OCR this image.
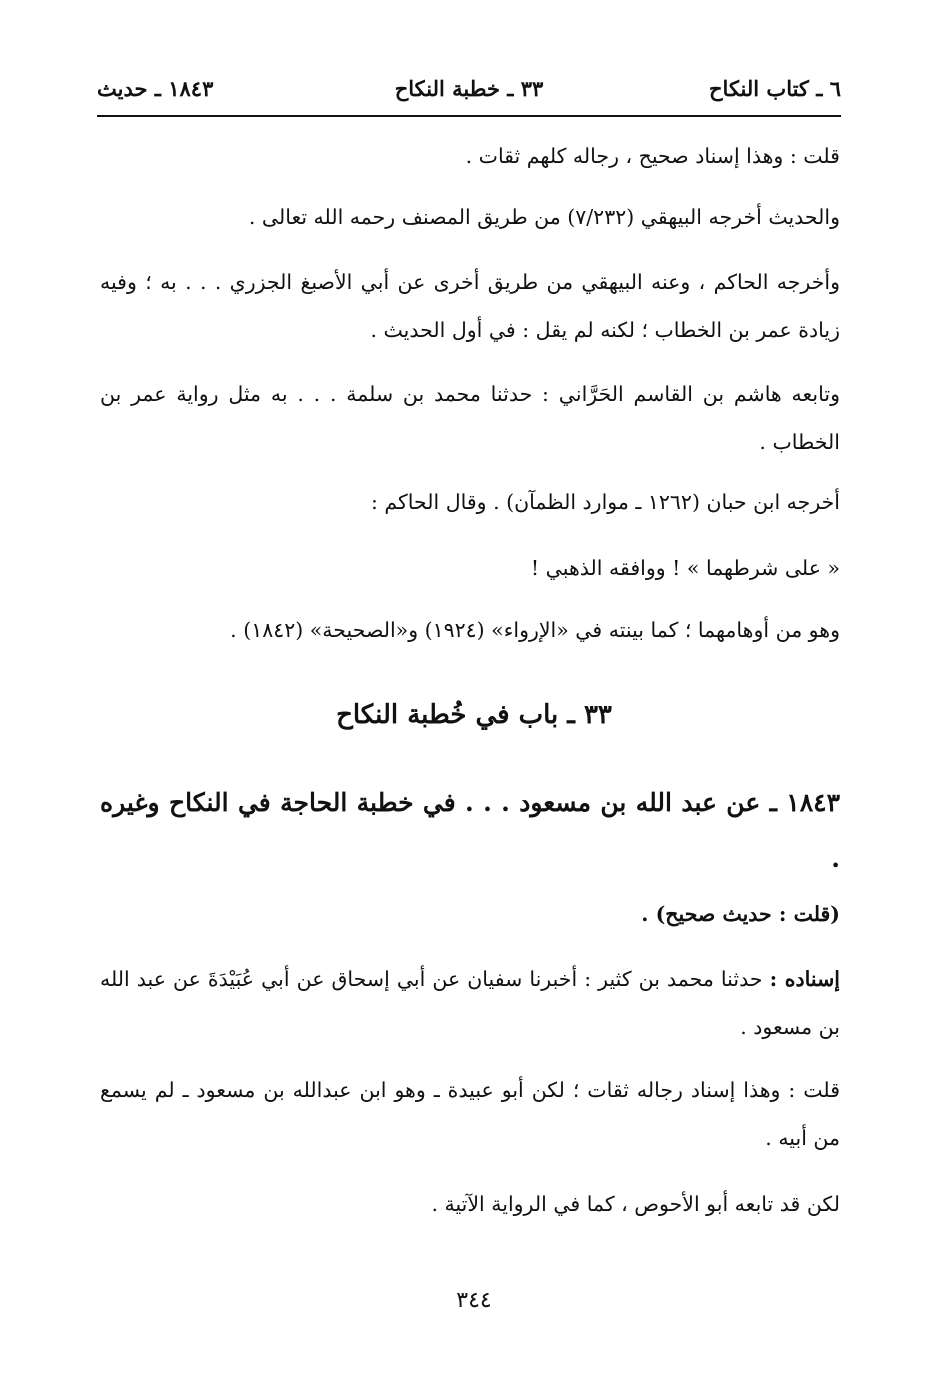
٦ ـ كتاب النكاح
٣٣ ـ خطبة النكاح
١٨٤٣ ـ حديث

قلت : وهذا إسناد صحيح ، رجاله كلهم ثقات .

والحديث أخرجه البيهقي (٧/٢٣٢) من طريق المصنف رحمه الله تعالى .

وأخرجه الحاكم ، وعنه البيهقي من طريق أخرى عن أبي الأصبغ الجزري . . . به ؛ وفيه زيادة عمر بن الخطاب ؛ لكنه لم يقل : في أول الحديث .

وتابعه هاشم بن القاسم الحَرَّاني : حدثنا محمد بن سلمة . . . به مثل رواية عمر بن الخطاب .

أخرجه ابن حبان (١٢٦٢ ـ موارد الظمآن) . وقال الحاكم :

« على شرطهما » ! ووافقه الذهبي !

وهو من أوهامهما ؛ كما بينته في «الإرواء» (١٩٢٤) و«الصحيحة» (١٨٤٢) .

٣٣ ـ باب في خُطبة النكاح
١٨٤٣ ـ عن عبد الله بن مسعود . . . في خطبة الحاجة في النكاح وغيره .

(قلت : حديث صحيح) .

إسناده : حدثنا محمد بن كثير : أخبرنا سفيان عن أبي إسحاق عن أبي عُبَيْدَةَ عن عبد الله بن مسعود .

قلت : وهذا إسناد رجاله ثقات ؛ لكن أبو عبيدة ـ وهو ابن عبدالله بن مسعود ـ لم يسمع من أبيه .

لكن قد تابعه أبو الأحوص ، كما في الرواية الآتية .

٣٤٤
